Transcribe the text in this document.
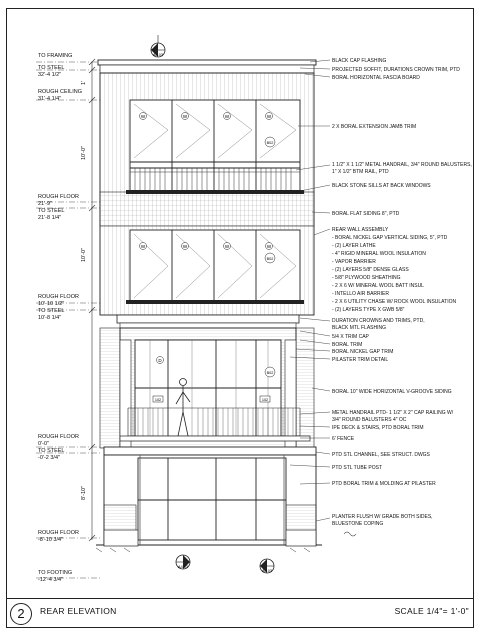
2	REAR ELEVATION	SCALE 1/4"= 1'-0"
TO FRAMING
TO STEEL
32'-4 1/2"
ROUGH CEILING
31'-4 1/4"
ROUGH FLOOR
21'-9"
TO STEEL
21'-8 1/4"
ROUGH FLOOR
10'-10 1/2"
TO STEEL
10'-8 1/4"
ROUGH FLOOR
0'-0"
TO STEEL
-0'-2 3/4"
ROUGH FLOOR
-8'-10 3/4"
TO FOOTING
-12'-4 3/4"
1'
10'-0"
10'-0"
8'-10"
A4.03
A4.03
A4.03
W	W	W	W
W	W	W	W
D
B02
B02
B02
102	102
BLACK CAP FLASHING
PROJECTED SOFFIT, DURATIONS CROWN TRIM, PTD
BORAL HORIZONTAL FASCIA BOARD
2 X BORAL EXTENSION JAMB TRIM
1 1/2" X 1 1/2" METAL HANDRAIL, 3/4" ROUND BALUSTERS,
1" X 1/2" BTM RAIL, PTD
BLACK STONE SILLS AT BACK WINDOWS
BORAL FLAT SIDING 8", PTD
REAR WALL ASSEMBLY
- BORAL NICKEL GAP VERTICAL SIDING, 5", PTD
- (2) LAYER LATHE
- 4" RIGID MINERAL WOOL INSULATION
- VAPOR BARRIER
- (2) LAYERS 5/8" DENSE GLASS
- 5/8" PLYWOOD SHEATHING
- 2 X 6 W/ MINERAL WOOL BATT INSUL
- INTELLO AIR BARRIER
- 2 X 6 UTILITY CHASE W/ ROCK WOOL INSULATION
- (2) LAYERS TYPE X GWB 5/8"
DURATION CROWNS AND TRIMS, PTD,
BLACK MTL FLASHING
5/4 X TRIM CAP
BORAL TRIM
BORAL NICKEL GAP TRIM
PILASTER TRIM DETAIL
BORAL 10" WIDE HORIZONTAL V-GROOVE SIDING
METAL HANDRAIL PTD- 1 1/2" X 2" CAP RAILING W/
3/4" ROUND BALUSTERS 4" OC
IPE DECK & STAIRS, PTD BORAL TRIM
6' FENCE
PTD STL CHANNEL, SEE STRUCT. DWGS
PTD STL TUBE POST
PTD BORAL TRIM & MOLDING AT PILASTER
PLANTER FLUSH W/ GRADE BOTH SIDES,
BLUESTONE COPING
